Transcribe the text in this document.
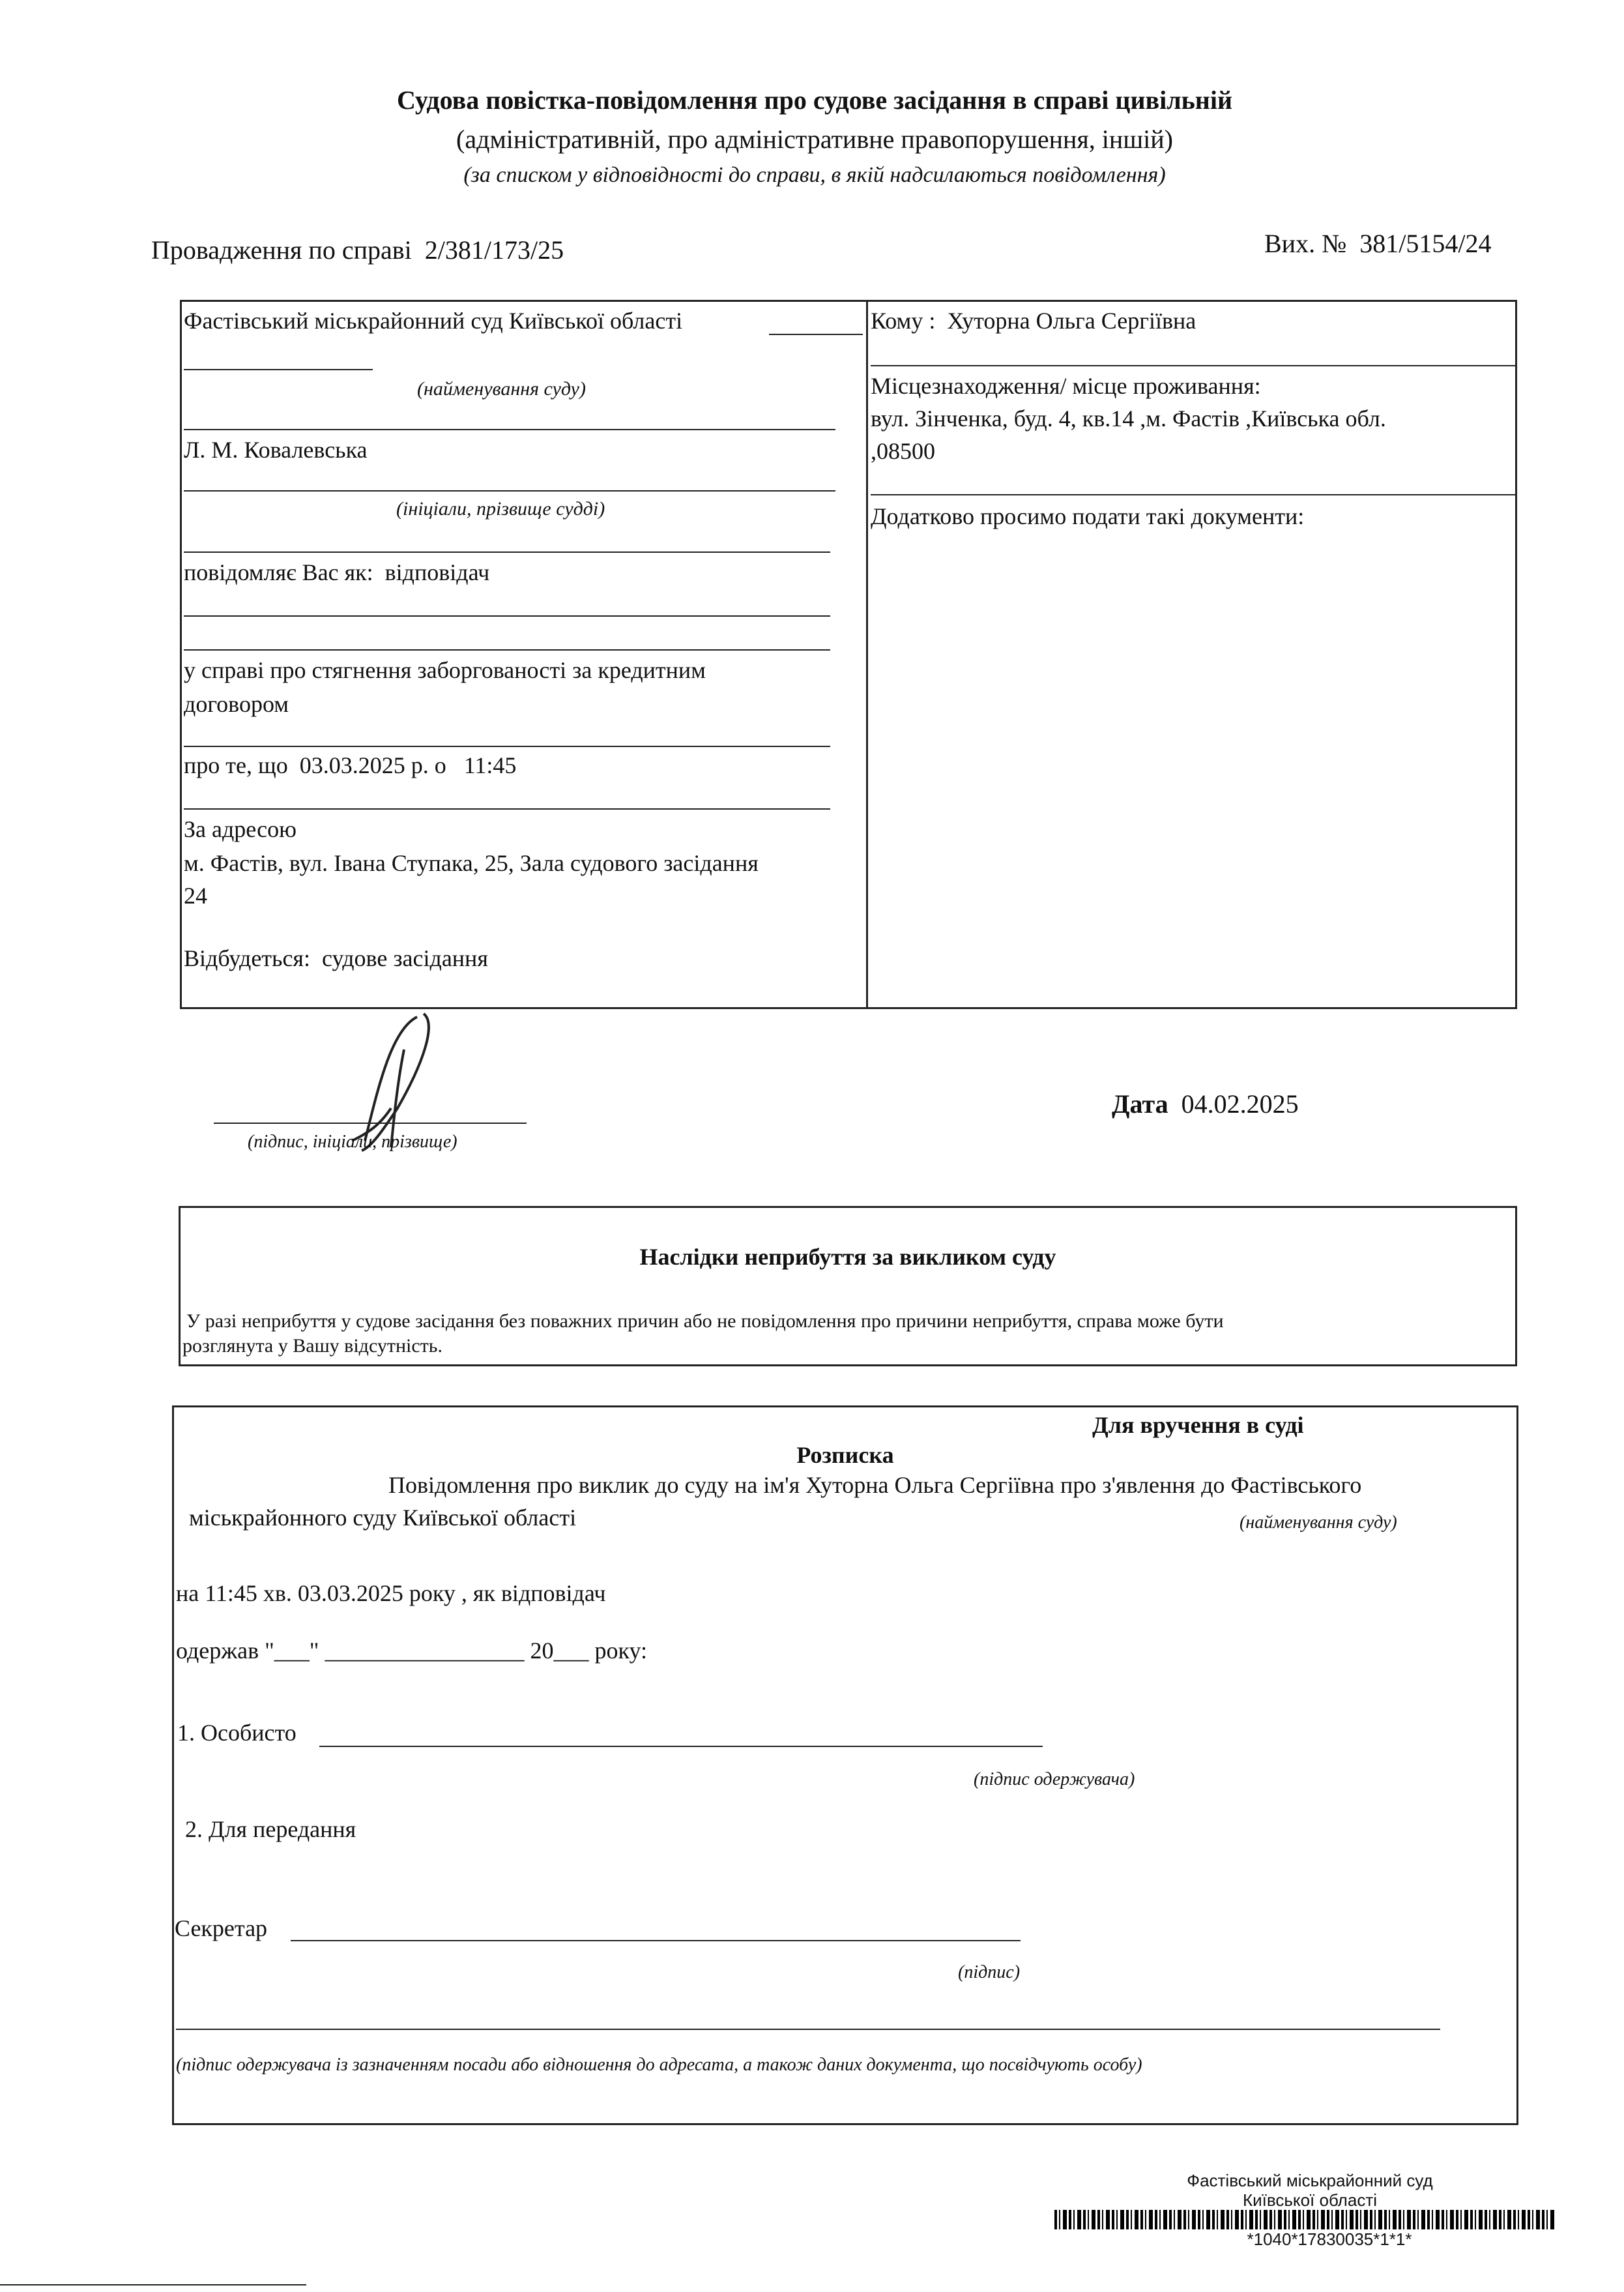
Судова повістка-повідомлення про судове засідання в справі цивільній
(адміністративній, про адміністративне правопорушення, іншій)
(за списком у відповідності до справи, в якій надсилаються повідомлення)
Провадження по справі 2/381/173/25	Вих. № 381/5154/24
Фастівський міськрайонний суд Київської області
(найменування суду)
Л. М. Ковалевська
(ініціали, прізвище судді)
повідомляє Вас як: відповідач
у справі про стягнення заборгованості за кредитним
договором
про те, що 03.03.2025 р. о 11:45
За адресою
м. Фастів, вул. Івана Ступака, 25, Зала судового засідання
24
Відбудеться: судове засідання
Кому : Хуторна Ольга Сергіївна
Місцезнаходження/ місце проживання:
вул. Зінченка, буд. 4, кв.14 ,м. Фастів ,Київська обл.
,08500
Додатково просимо подати такі документи:
(підпис, ініціали, прізвище)
Дата 04.02.2025
Наслідки неприбуття за викликом суду
У разі неприбуття у судове засідання без поважних причин або не повідомлення про причини неприбуття, справа може бути
розглянута у Вашу відсутність.
Для вручення в суді
Розписка
Повідомлення про виклик до суду на ім'я Хуторна Ольга Сергіївна про з'явлення до Фастівського
міськрайонного суду Київської області	(найменування суду)
на 11:45 хв. 03.03.2025 року , як відповідач
одержав "___" _________________ 20___ року:
1. Особисто
(підпис одержувача)
2. Для передання
Секретар
(підпис)
(підпис одержувача із зазначенням посади або відношення до адресата, а також даних документа, що посвідчують особу)
Фастівський міськрайонний суд
Київської області
*1040*17830035*1*1*
